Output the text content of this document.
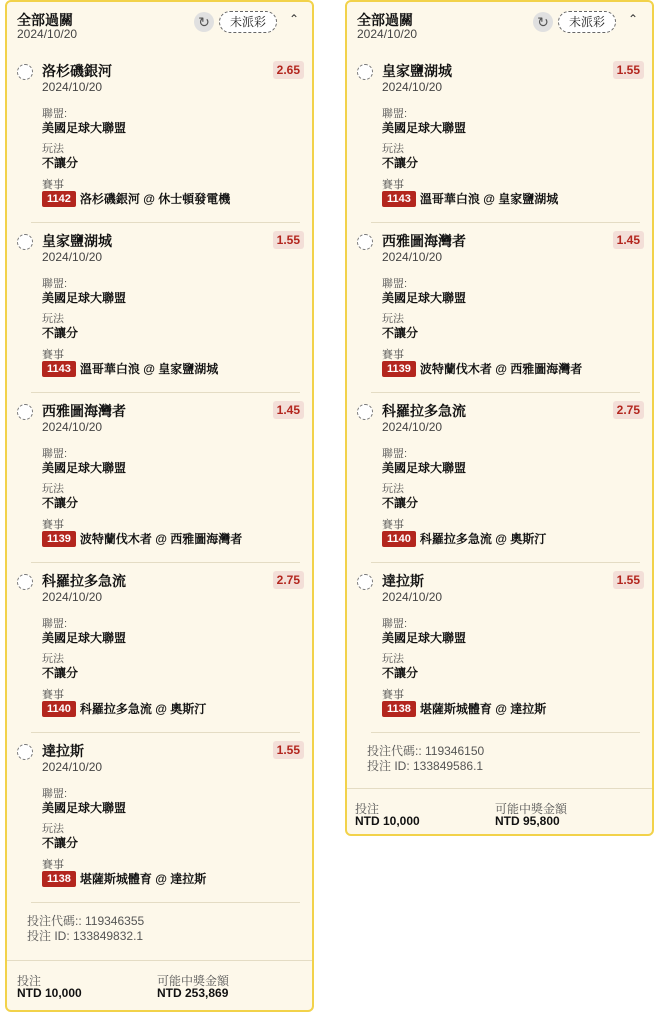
全部過關
2024/10/20
↻	未派彩	⌃
洛杉磯銀河	2.65
2024/10/20
聯盟:
美國足球大聯盟
玩法
不讓分
賽事
1142 洛杉磯銀河 @ 休士頓發電機
皇家鹽湖城	1.55
2024/10/20
聯盟:
美國足球大聯盟
玩法
不讓分
賽事
1143 溫哥華白浪 @ 皇家鹽湖城
西雅圖海灣者	1.45
2024/10/20
聯盟:
美國足球大聯盟
玩法
不讓分
賽事
1139 波特蘭伐木者 @ 西雅圖海灣者
科羅拉多急流	2.75
2024/10/20
聯盟:
美國足球大聯盟
玩法
不讓分
賽事
1140 科羅拉多急流 @ 奧斯汀
達拉斯	1.55
2024/10/20
聯盟:
美國足球大聯盟
玩法
不讓分
賽事
1138 堪薩斯城體育 @ 達拉斯
投注代碼:: 119346355
投注 ID: 133849832.1
投注
NTD 10,000
可能中獎金額
NTD 253,869
全部過關
2024/10/20
↻	未派彩	⌃
皇家鹽湖城	1.55
2024/10/20
聯盟:
美國足球大聯盟
玩法
不讓分
賽事
1143 溫哥華白浪 @ 皇家鹽湖城
西雅圖海灣者	1.45
2024/10/20
聯盟:
美國足球大聯盟
玩法
不讓分
賽事
1139 波特蘭伐木者 @ 西雅圖海灣者
科羅拉多急流	2.75
2024/10/20
聯盟:
美國足球大聯盟
玩法
不讓分
賽事
1140 科羅拉多急流 @ 奧斯汀
達拉斯	1.55
2024/10/20
聯盟:
美國足球大聯盟
玩法
不讓分
賽事
1138 堪薩斯城體育 @ 達拉斯
投注代碼:: 119346150
投注 ID: 133849586.1
投注
NTD 10,000
可能中獎金額
NTD 95,800
